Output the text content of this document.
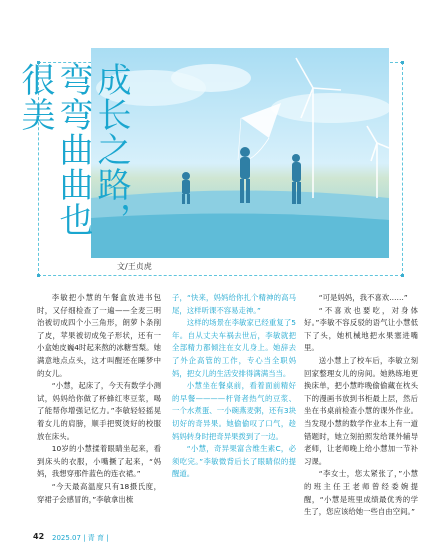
成长之路，
弯弯曲曲也很美
文/王贞虎

李敏把小慧的午餐盒放进书包时，又仔细检查了一遍——全麦三明治被切成四个小三角形，朗萝卜条削了皮，苹果被切成兔子形状，还有一小盒她皮巍4时起来熬的冰糖雪梨。她满意地点点头，这才叫醒还在睡梦中的女儿。

“小慧，起床了，今天有数学小测试，妈妈给你做了杯蜂红枣豆浆，喝了能帮你增强记忆力。”李敏轻轻摇晃着女儿的肩膀，顺手把熨烫好的校服放在床头。

10岁的小慧揉着眼睛坐起来，看到床头的衣服，小嘴撅了起来，“妈妈，我想穿那件蓝色的连衣裙。”

“今天最高温度只有18摄氏度，穿裙子会感冒的，”李敏拿出梳

子，“快来，妈妈给你扎个精神的高马尾，这样听课不容易走神。”

这样的场景在李敏家已经重复了5年。自从丈夫车祸去世后，李敏就把全部精力都倾注在女儿身上。她辞去了外企高管的工作，专心当全职妈妈，把女儿的生活安排得满满当当。

小慧坐在餐桌前，看着面前精好的早餐————杆肾者热气的豆浆、一个水煮蛋、一小碗燕麦粥，还有3块切好的奇异果。她偷偷叹了口气，趁妈妈转身时把奇异果拨到了一边。

“小慧，奇异果富含维生素C，必须吃完。”李敏微背后长了眼睛似的提醒道。

“可是妈妈，我不喜欢……”

“不喜欢也要吃，对身体好。”李敏不容反驳的语气让小慧低下了头，她机械地把水果塞进嘴里。

送小慧上了校车后，李敏立刻回家整理女儿的房间。她熟练地更换床单，把小慧昨晚偷偷藏在枕头下的漫画书放到书柜最上层，然后坐在书桌前检查小慧的课外作业。当发现小慧的数学作业本上有一道错题时，她立刻拍照发给课外辅导老师，让老师晚上给小慧加一节补习课。

“李女士，您太紧张了，”小慧的班主任王老师曾经委婉提醒，“小慧是班里成绩最优秀的学生了，您应该给她一些自由空间。”

42 2025.07 | 青 育 |
